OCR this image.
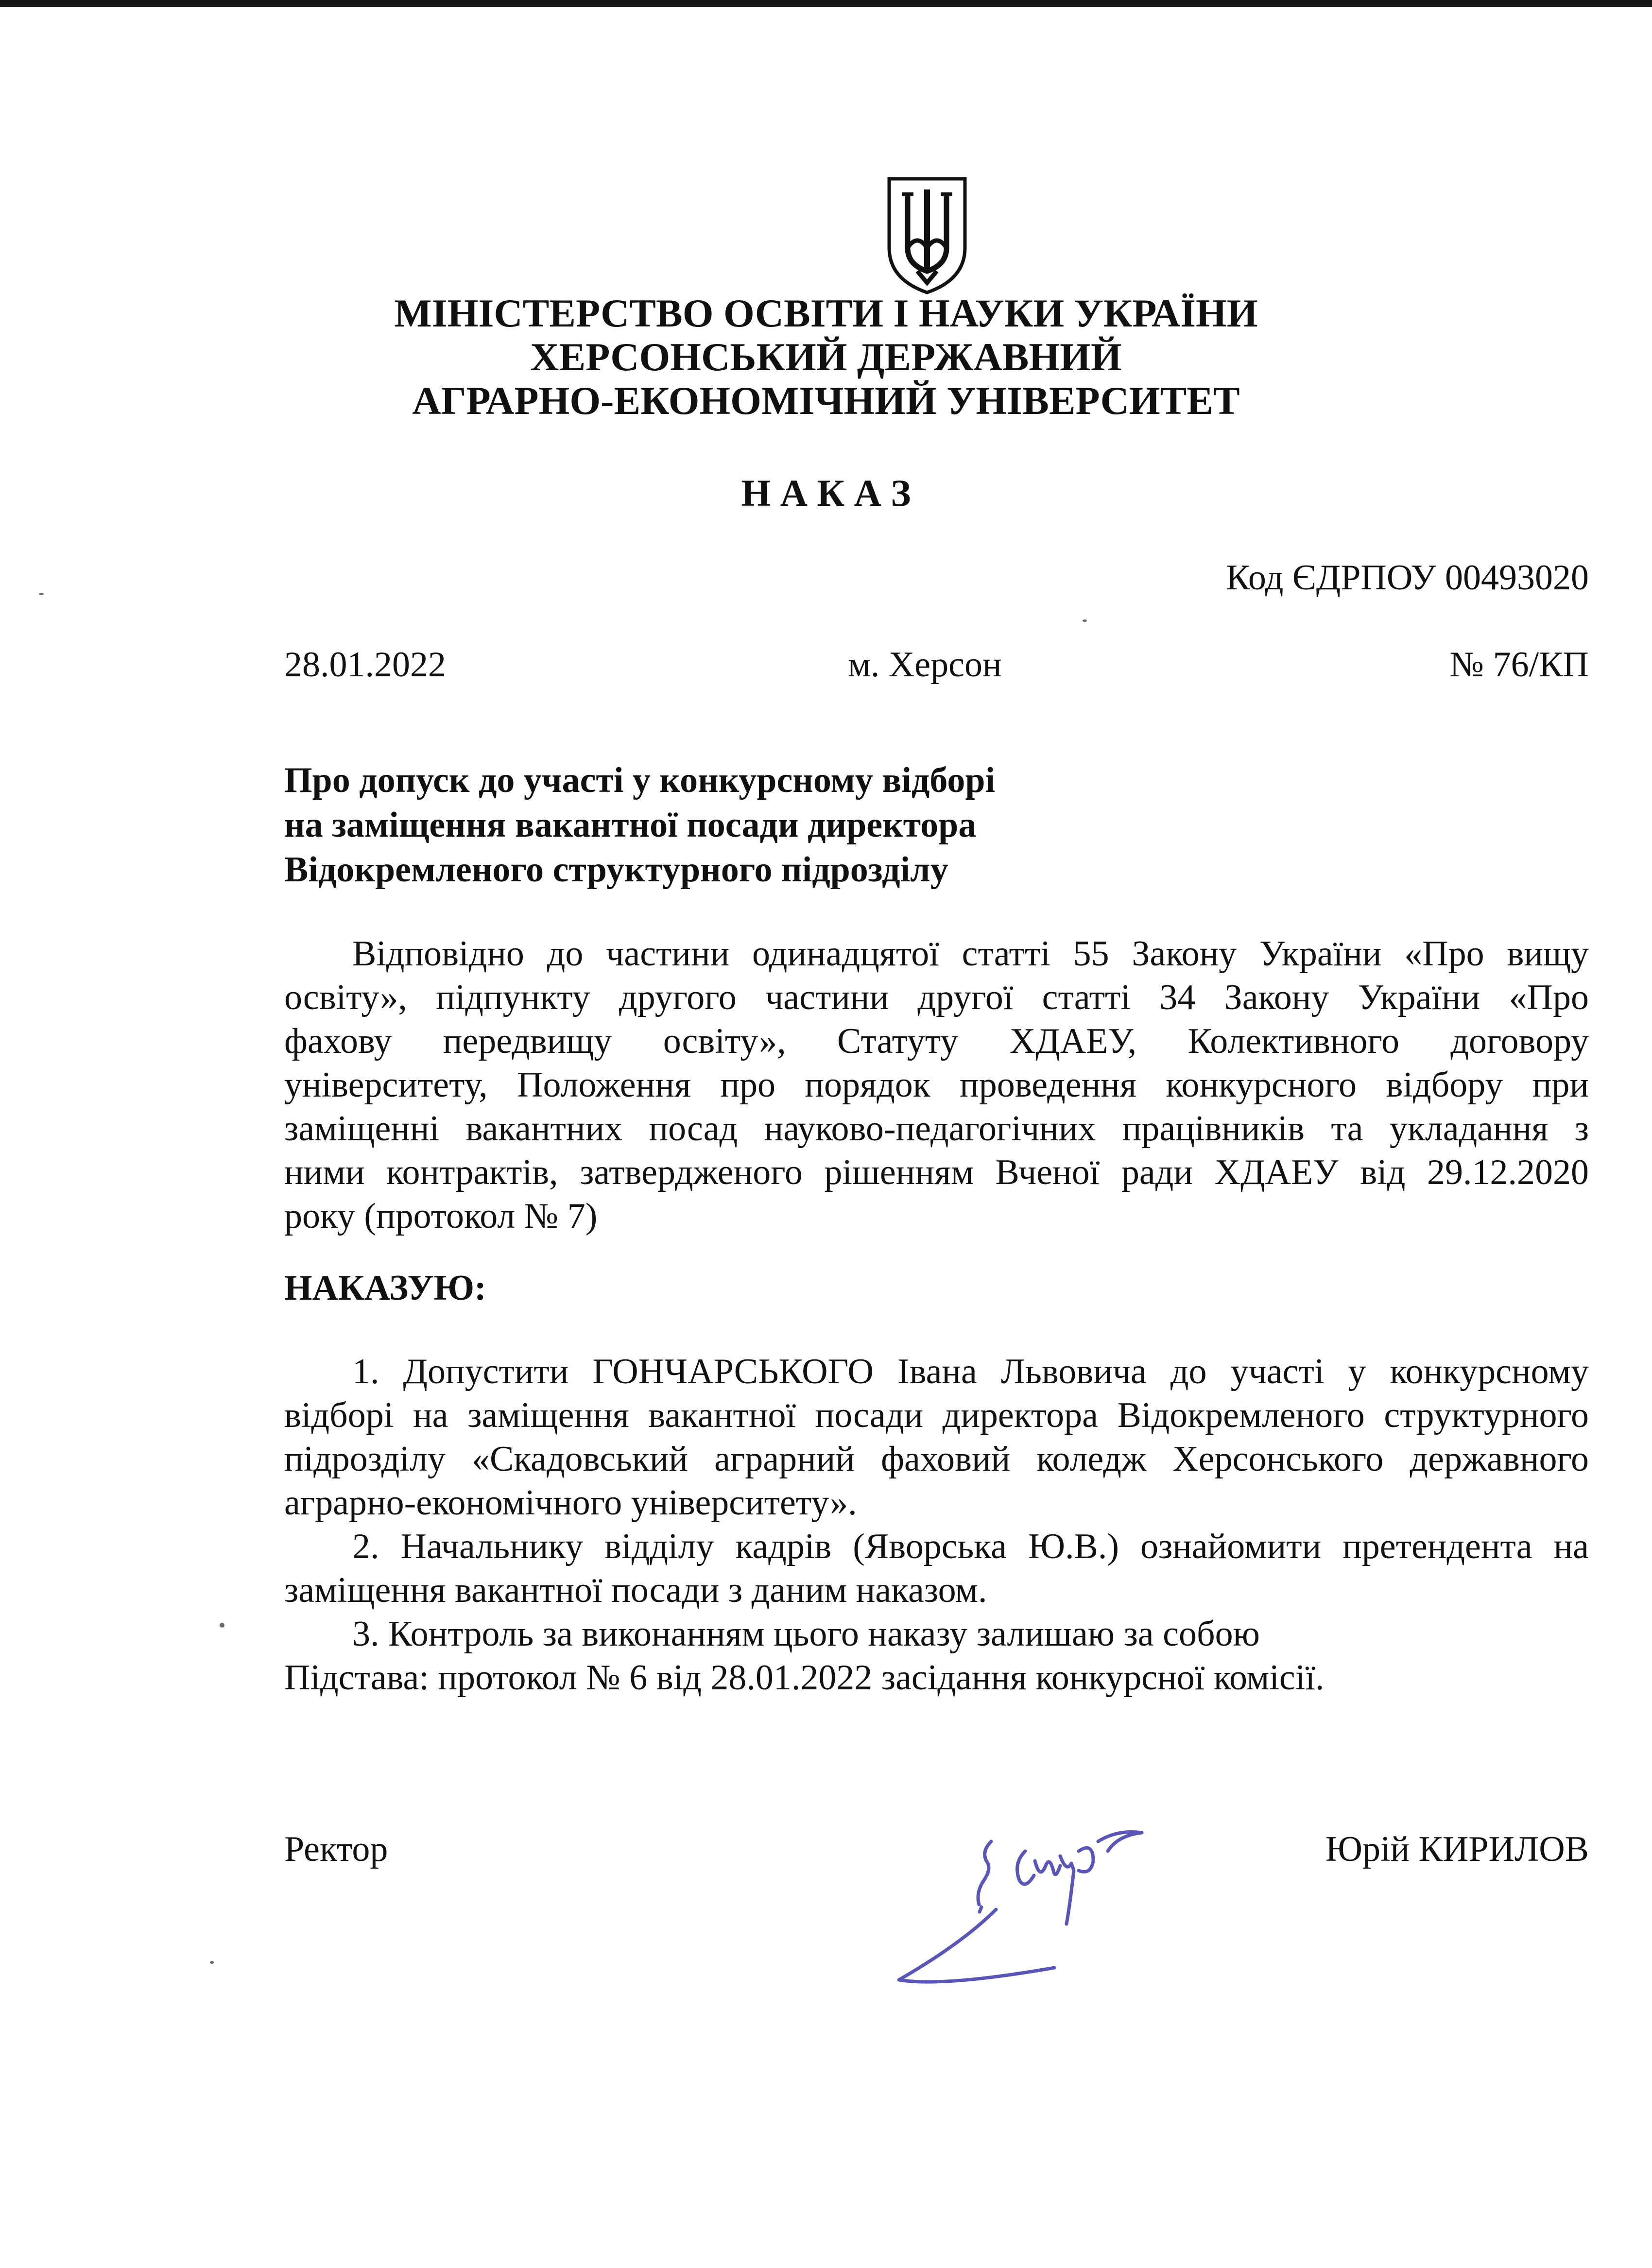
МІНІСТЕРСТВО ОСВІТИ І НАУКИ УКРАЇНИ
ХЕРСОНСЬКИЙ ДЕРЖАВНИЙ
АГРАРНО-ЕКОНОМІЧНИЙ УНІВЕРСИТЕТ
Н А К А З
Код ЄДРПОУ 00493020
28.01.2022	м. Херсон	№ 76/КП
Про допуск до участі у конкурсному відборі
на заміщення вакантної посади директора
Відокремленого структурного підрозділу
Відповідно до частини одинадцятої статті 55 Закону України «Про вищу
освіту», підпункту другого частини другої статті 34 Закону України «Про
фахову передвищу освіту», Статуту ХДАЕУ, Колективного договору
університету, Положення про порядок проведення конкурсного відбору при
заміщенні вакантних посад науково-педагогічних працівників та укладання з
ними контрактів, затвердженого рішенням Вченої ради ХДАЕУ від 29.12.2020
року (протокол № 7)
НАКАЗУЮ:
1. Допустити ГОНЧАРСЬКОГО Івана Львовича до участі у конкурсному
відборі на заміщення вакантної посади директора Відокремленого структурного
підрозділу «Скадовський аграрний фаховий коледж Херсонського державного
аграрно-економічного університету».
2. Начальнику відділу кадрів (Яворська Ю.В.) ознайомити претендента на
заміщення вакантної посади з даним наказом.
3. Контроль за виконанням цього наказу залишаю за собою
Підстава: протокол № 6 від 28.01.2022 засідання конкурсної комісії.
Ректор	Юрій КИРИЛОВ
